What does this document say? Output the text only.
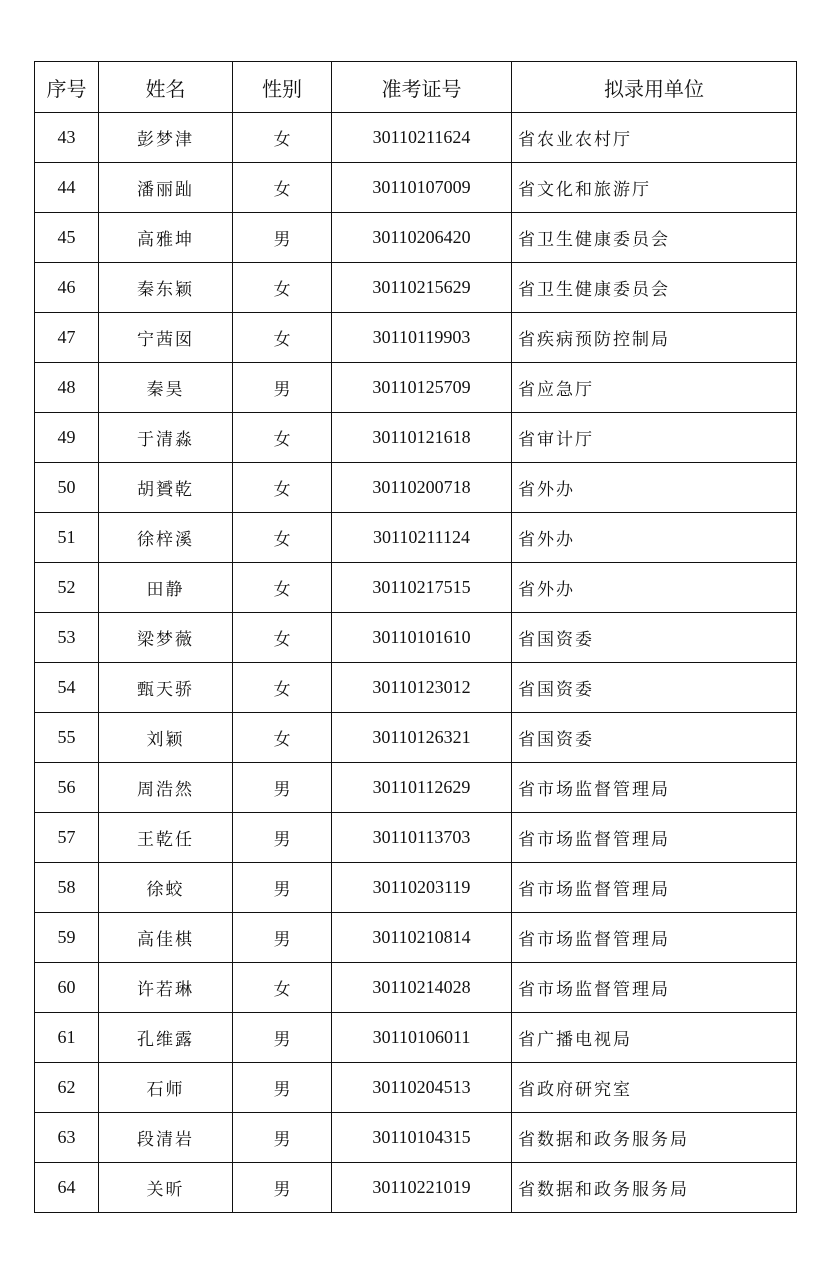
序号	姓名	性别	准考证号	拟录用单位
43	彭梦津	女	30110211624	省农业农村厅
44	潘丽䟖	女	30110107009	省文化和旅游厅
45	高雅坤	男	30110206420	省卫生健康委员会
46	秦东颖	女	30110215629	省卫生健康委员会
47	宁茜囡	女	30110119903	省疾病预防控制局
48	秦昊	男	30110125709	省应急厅
49	于清淼	女	30110121618	省审计厅
50	胡贇乾	女	30110200718	省外办
51	徐梓溪	女	30110211124	省外办
52	田静	女	30110217515	省外办
53	梁梦薇	女	30110101610	省国资委
54	甄天骄	女	30110123012	省国资委
55	刘颖	女	30110126321	省国资委
56	周浩然	男	30110112629	省市场监督管理局
57	王乾任	男	30110113703	省市场监督管理局
58	徐蛟	男	30110203119	省市场监督管理局
59	高佳棋	男	30110210814	省市场监督管理局
60	许若琳	女	30110214028	省市场监督管理局
61	孔维露	男	30110106011	省广播电视局
62	石师	男	30110204513	省政府研究室
63	段清岩	男	30110104315	省数据和政务服务局
64	关昕	男	30110221019	省数据和政务服务局
